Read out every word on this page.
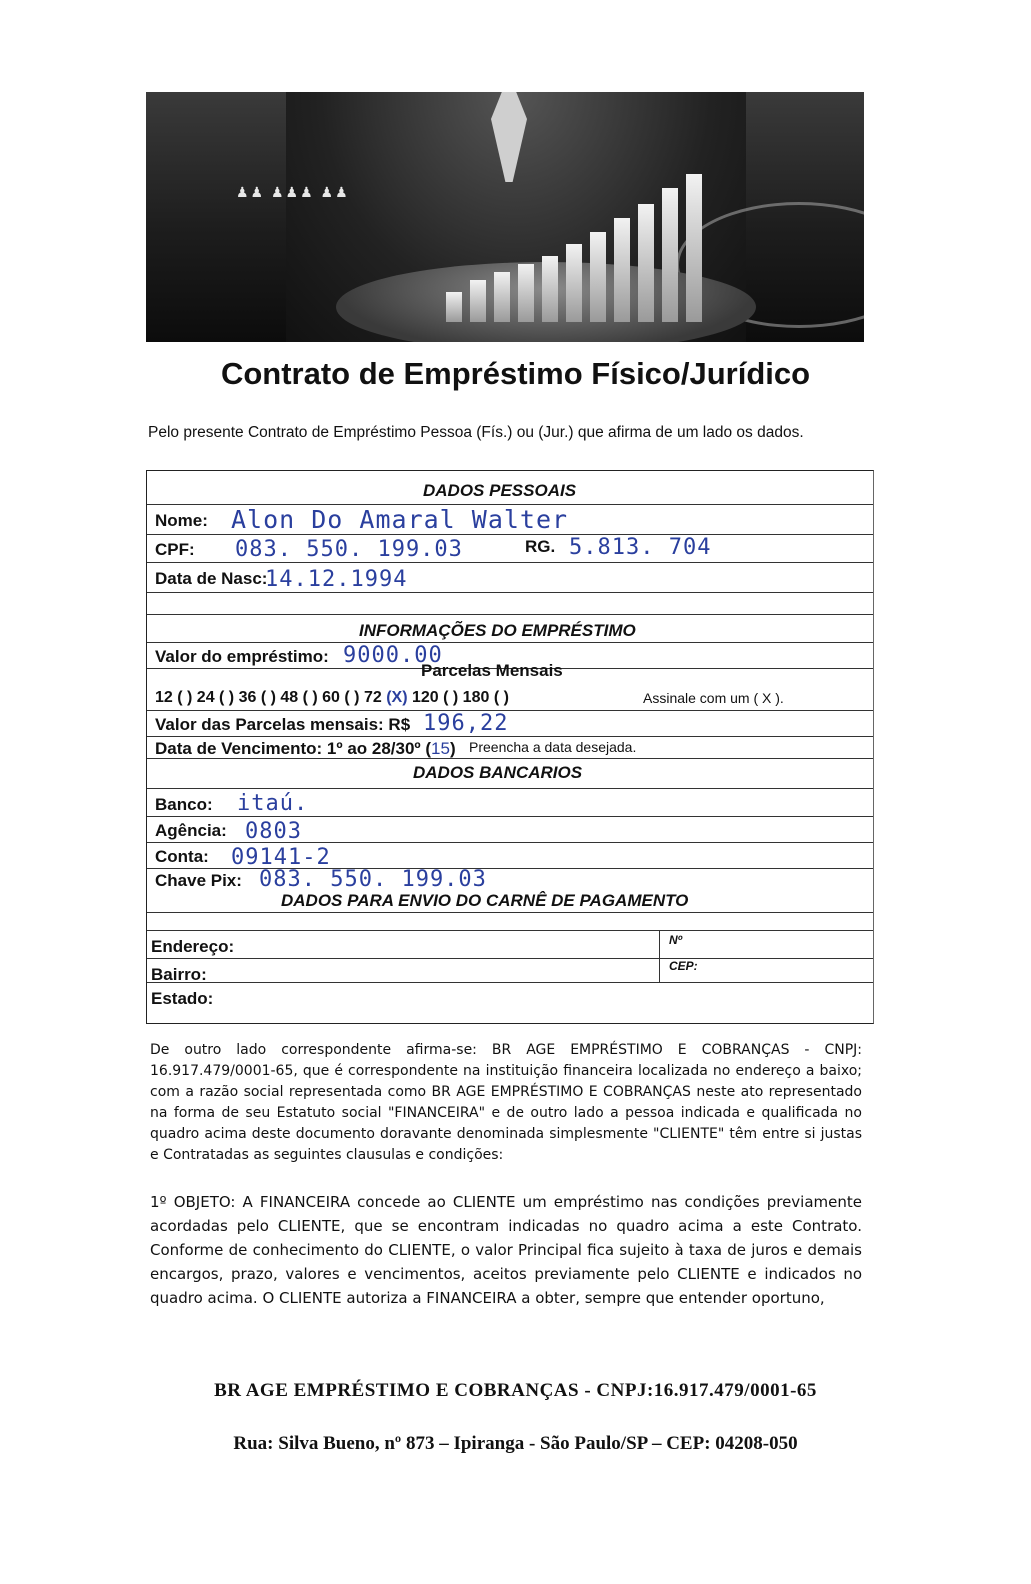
♟♟ ♟♟♟ ♟♟
Contrato de Empréstimo Físico/Jurídico

Pelo presente Contrato de Empréstimo Pessoa (Fís.) ou (Jur.) que afirma de um lado os dados.

DADOS PESSOAIS
Nome: Alon Do Amaral Walter
CPF: 083. 550. 199.03	RG. 5.813. 704
Data de Nasc:
14.12.1994
INFORMAÇÕES DO EMPRÉSTIMO
Valor do empréstimo: 9000.00
Parcelas Mensais
12 ( ) 24 ( ) 36 ( ) 48 ( ) 60 ( ) 72 (X) 120 ( ) 180 ( )	Assinale com um ( X ).
Valor das Parcelas mensais: R$ 196,22
Data de Vencimento: 1º ao 28/30º (15) Preencha a data desejada.
DADOS BANCARIOS
Banco: itaú.
Agência: 0803
Conta: 09141-2
Chave Pix: 083. 550. 199.03
DADOS PARA ENVIO DO CARNÊ DE PAGAMENTO
Endereço:	Nº
Bairro:	CEP:
Estado:

De outro lado correspondente afirma-se: BR AGE EMPRÉSTIMO E COBRANÇAS - CNPJ: 16.917.479/0001-65, que é correspondente na instituição financeira localizada no endereço a baixo; com a razão social representada como BR AGE EMPRÉSTIMO E COBRANÇAS neste ato representado na forma de seu Estatuto social "FINANCEIRA" e de outro lado a pessoa indicada e qualificada no quadro acima deste documento doravante denominada simplesmente "CLIENTE" têm entre si justas e Contratadas as seguintes clausulas e condições:

1º OBJETO: A FINANCEIRA concede ao CLIENTE um empréstimo nas condições previamente acordadas pelo CLIENTE, que se encontram indicadas no quadro acima a este Contrato. Conforme de conhecimento do CLIENTE, o valor Principal fica sujeito à taxa de juros e demais encargos, prazo, valores e vencimentos, aceitos previamente pelo CLIENTE e indicados no quadro acima. O CLIENTE autoriza a FINANCEIRA a obter, sempre que entender oportuno,

BR AGE EMPRÉSTIMO E COBRANÇAS - CNPJ:16.917.479/0001-65
Rua: Silva Bueno, nº 873 – Ipiranga - São Paulo/SP – CEP: 04208-050
